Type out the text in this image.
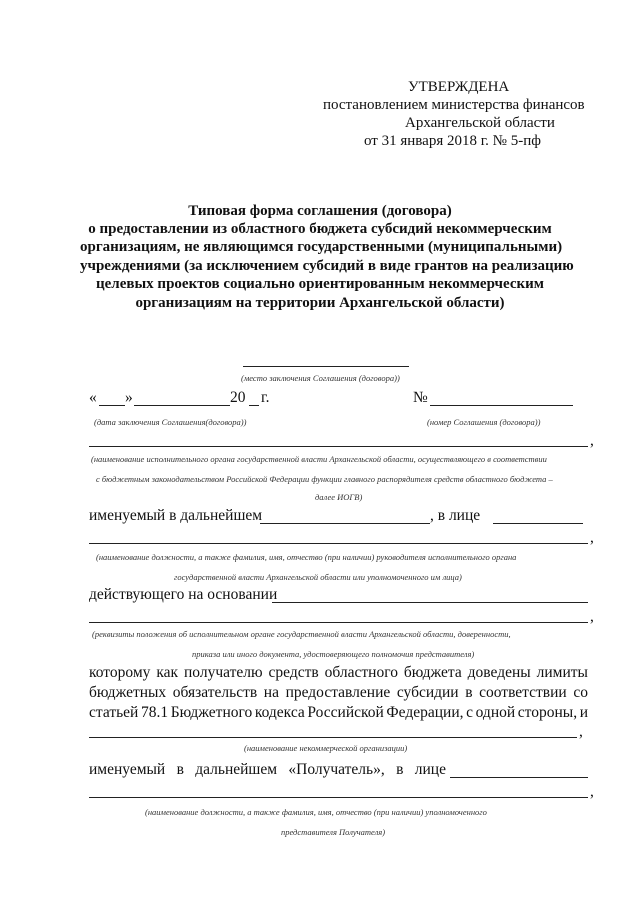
УТВЕРЖДЕНА
постановлением министерства финансов
Архангельской области
от 31 января 2018 г. № 5-пф
Типовая форма соглашения (договора)
о предоставлении из областного бюджета субсидий некоммерческим
организациям, не являющимся государственными (муниципальными)
учреждениями (за исключением субсидий в виде грантов на реализацию
целевых проектов социально ориентированным некоммерческим
организациям на территории Архангельской области)
(место заключения Соглашения (договора))
« »	20 г.	№
(дата заключения Соглашения(договора))	(номер Соглашения (договора))
,
(наименование исполнительного органа государственной власти Архангельской области, осуществляющего в соответствии
с бюджетным законодательством Российской Федерации функции главного распорядителя средств областного бюджета –
далее ИОГВ)
именуемый в дальнейшем	, в лице
,
(наименование должности, а также фамилия, имя, отчество (при наличии) руководителя исполнительного органа
государственной власти Архангельской области или уполномоченного им лица)
действующего на основании
,
(реквизиты положения об исполнительном органе государственной власти Архангельской области, доверенности,
приказа или иного документа, удостоверяющего полномочия представителя)
которому как получателю средств областного бюджета доведены лимиты
бюджетных обязательств на предоставление субсидии в соответствии со
статьей 78.1 Бюджетного кодекса Российской Федерации, с одной стороны, и
,
(наименование некоммерческой организации)
именуемый в дальнейшем «Получатель», в лице
,
(наименование должности, а также фамилия, имя, отчество (при наличии) уполномоченного
представителя Получателя)
